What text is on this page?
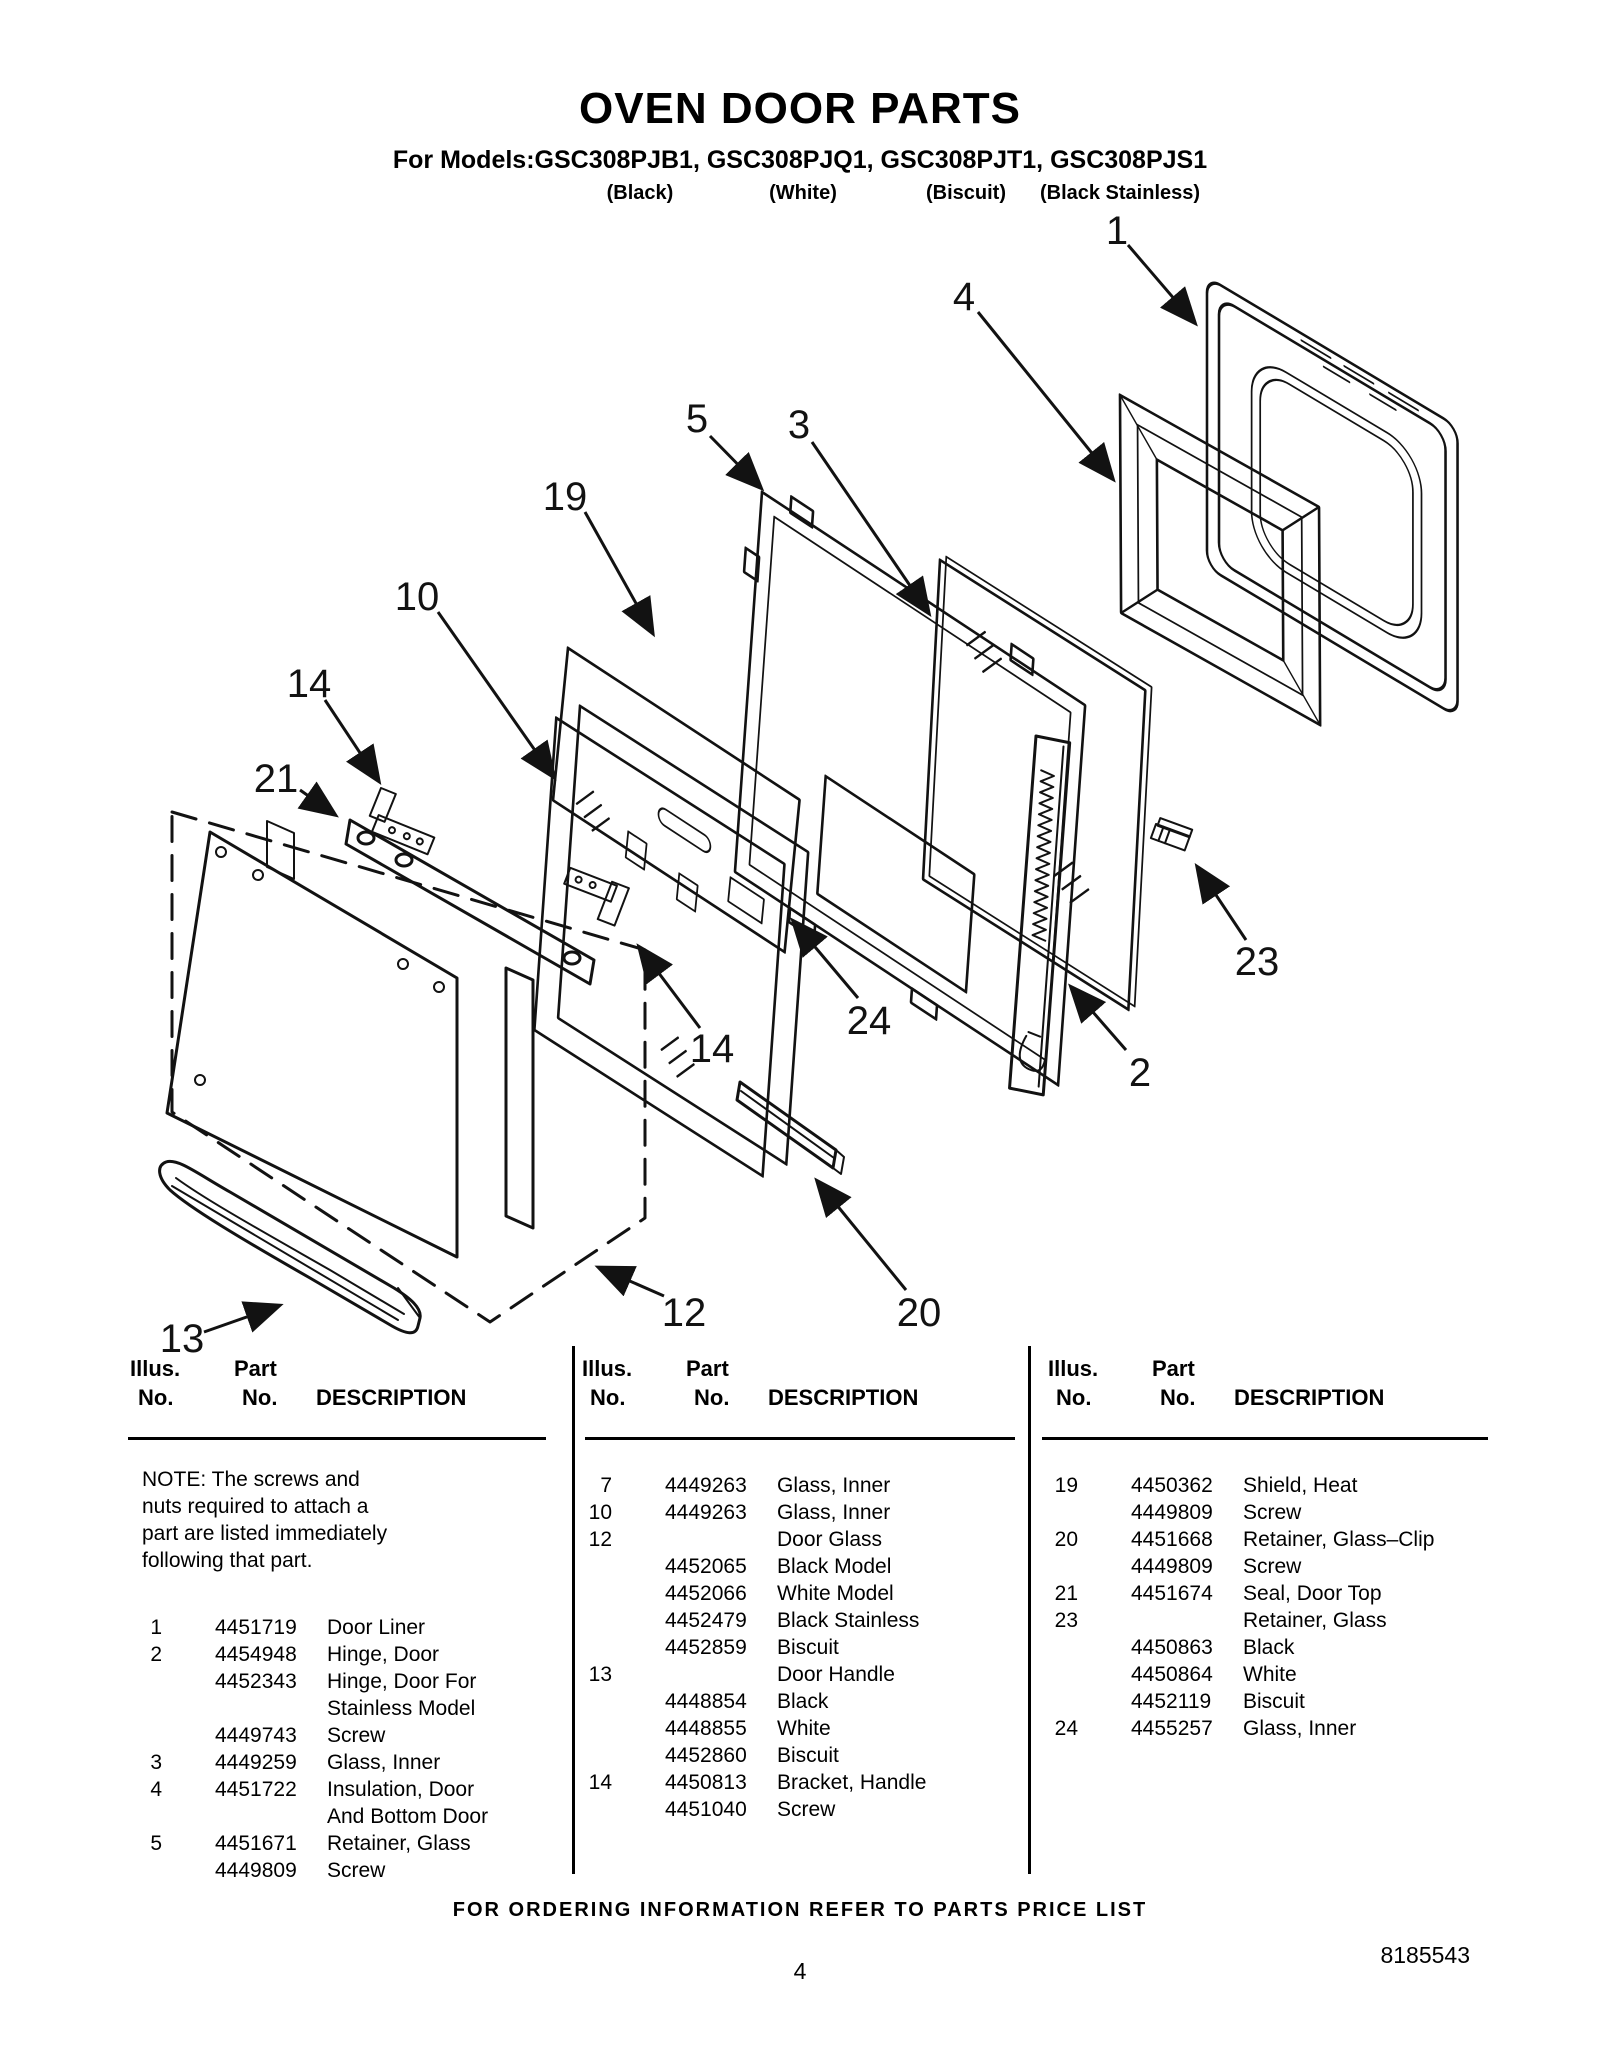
OVEN DOOR PARTS
For Models:GSC308PJB1, GSC308PJQ1, GSC308PJT1, GSC308PJS1
(Black)	(White)	(Biscuit) (Black Stainless)
1
4
3
5
19
10
14
21
14
24
2
23
20
12
13
Illus. Part
No.	No. DESCRIPTION
Illus. Part
No.	No. DESCRIPTION
Illus. Part
No.	No. DESCRIPTION
NOTE: The screws and nuts required to attach a part are listed immediately following that part.
1	4451719	Door Liner
2	4454948	Hinge, Door
4452343	Hinge, Door For
Stainless Model
4449743	Screw
3	4449259	Glass, Inner
4	4451722	Insulation, Door
And Bottom Door
5	4451671	Retainer, Glass
4449809	Screw
7	4449263	Glass, Inner
10	4449263	Glass, Inner
12	Door Glass
4452065	Black Model
4452066	White Model
4452479	Black Stainless
4452859	Biscuit
13	Door Handle
4448854	Black
4448855	White
4452860	Biscuit
14	4450813	Bracket, Handle
4451040	Screw
19	4450362	Shield, Heat
4449809	Screw
20	4451668	Retainer, Glass–Clip
4449809	Screw
21	4451674	Seal, Door Top
23	Retainer, Glass
4450863	Black
4450864	White
4452119	Biscuit
24	4455257	Glass, Inner
FOR ORDERING INFORMATION REFER TO PARTS PRICE LIST
4
8185543
